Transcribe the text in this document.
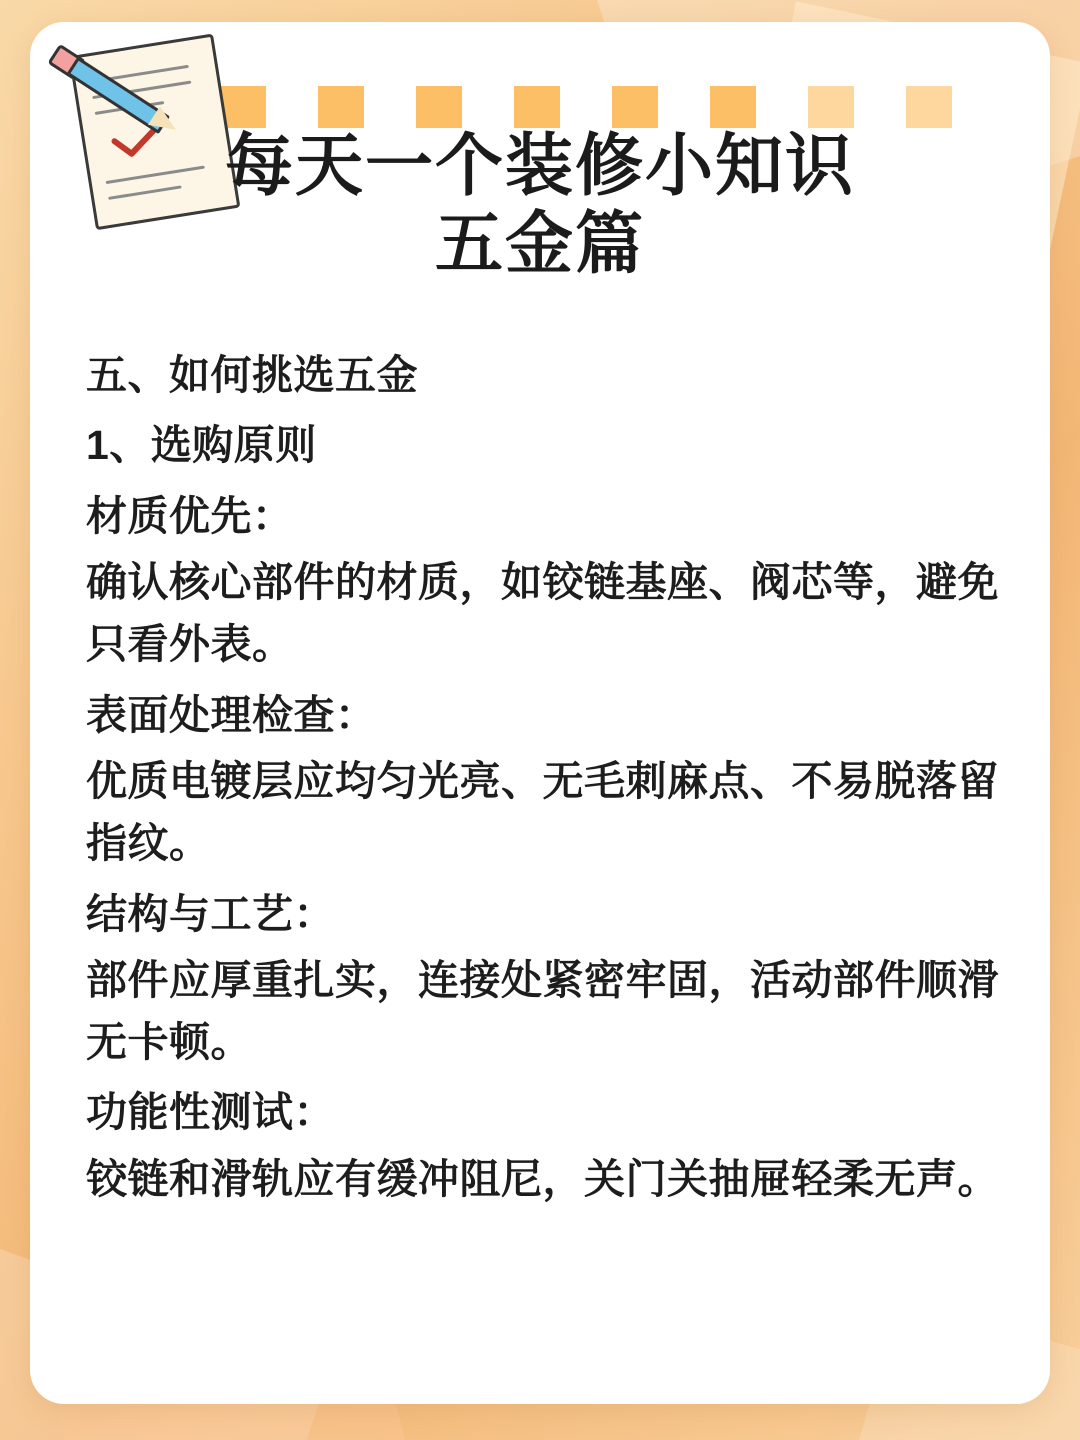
每天一个装修小知识
五金篇

五、如何挑选五金

1、选购原则

材质优先：

确认核心部件的材质，如铰链基座、阀芯等，避免只看外表。

表面处理检查：

优质电镀层应均匀光亮、无毛刺麻点、不易脱落留指纹。

结构与工艺：

部件应厚重扎实，连接处紧密牢固，活动部件顺滑无卡顿。

功能性测试：

铰链和滑轨应有缓冲阻尼，关门关抽屉轻柔无声。
